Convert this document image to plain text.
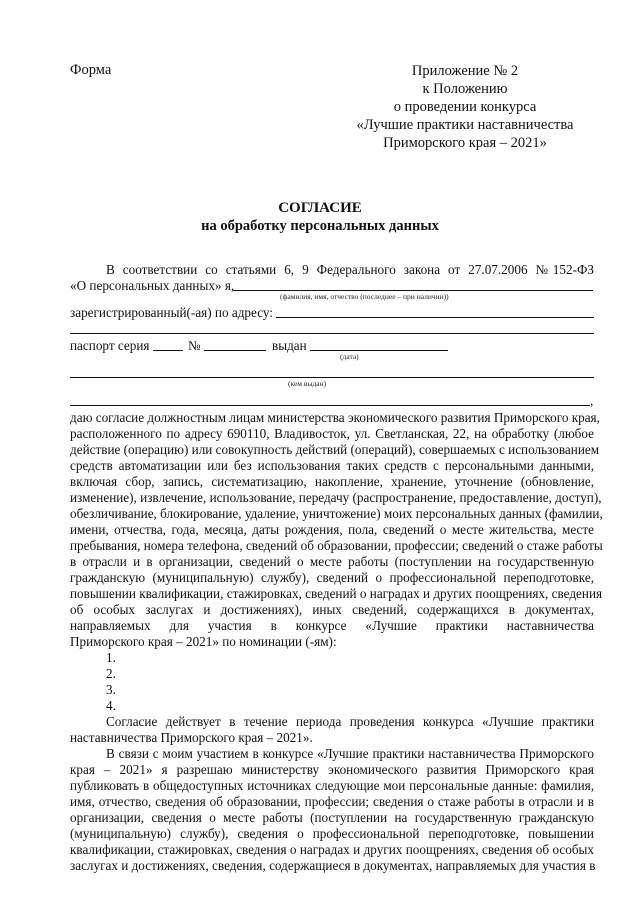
Форма	Приложение № 2
к Положению
о проведении конкурса
«Лучшие практики наставничества
Приморского края – 2021»
СОГЛАСИЕ
на обработку персональных данных
В соответствии со статьями 6, 9 Федерального закона от 27.07.2006 №152-ФЗ
«О персональных данных» я,
(фамилия, имя, отчество (последнее – при наличии))
зарегистрированный(-ая) по адресу:
паспорт серия	№	выдан
(дата)
(кем выдан)
,
даю согласие должностным лицам министерства экономического развития Приморского края,
расположенного по адресу 690110, Владивосток, ул. Светланская, 22, на обработку (любое
действие (операцию) или совокупность действий (операций), совершаемых с использованием
средств автоматизации или без использования таких средств с персональными данными,
включая сбор, запись, систематизацию, накопление, хранение, уточнение (обновление,
изменение), извлечение, использование, передачу (распространение, предоставление, доступ),
обезличивание, блокирование, удаление, уничтожение) моих персональных данных (фамилии,
имени, отчества, года, месяца, даты рождения, пола, сведений о месте жительства, месте
пребывания, номера телефона, сведений об образовании, профессии; сведений о стаже работы
в отрасли и в организации, сведений о месте работы (поступлении на государственную
гражданскую (муниципальную) службу), сведений о профессиональной переподготовке,
повышении квалификации, стажировках, сведений о наградах и других поощрениях, сведения
об особых заслугах и достижениях), иных сведений, содержащихся в документах,
направляемых для участия в конкурсе «Лучшие практики наставничества
Приморского края – 2021» по номинации (-ям):
1.
2.
3.
4.
Согласие действует в течение периода проведения конкурса «Лучшие практики
наставничества Приморского края – 2021».
В связи с моим участием в конкурсе «Лучшие практики наставничества Приморского
края – 2021» я разрешаю министерству экономического развития Приморского края
публиковать в общедоступных источниках следующие мои персональные данные: фамилия,
имя, отчество, сведения об образовании, профессии; сведения о стаже работы в отрасли и в
организации, сведения о месте работы (поступлении на государственную гражданскую
(муниципальную) службу), сведения о профессиональной переподготовке, повышении
квалификации, стажировках, сведения о наградах и других поощрениях, сведения об особых
заслугах и достижениях, сведения, содержащиеся в документах, направляемых для участия в
